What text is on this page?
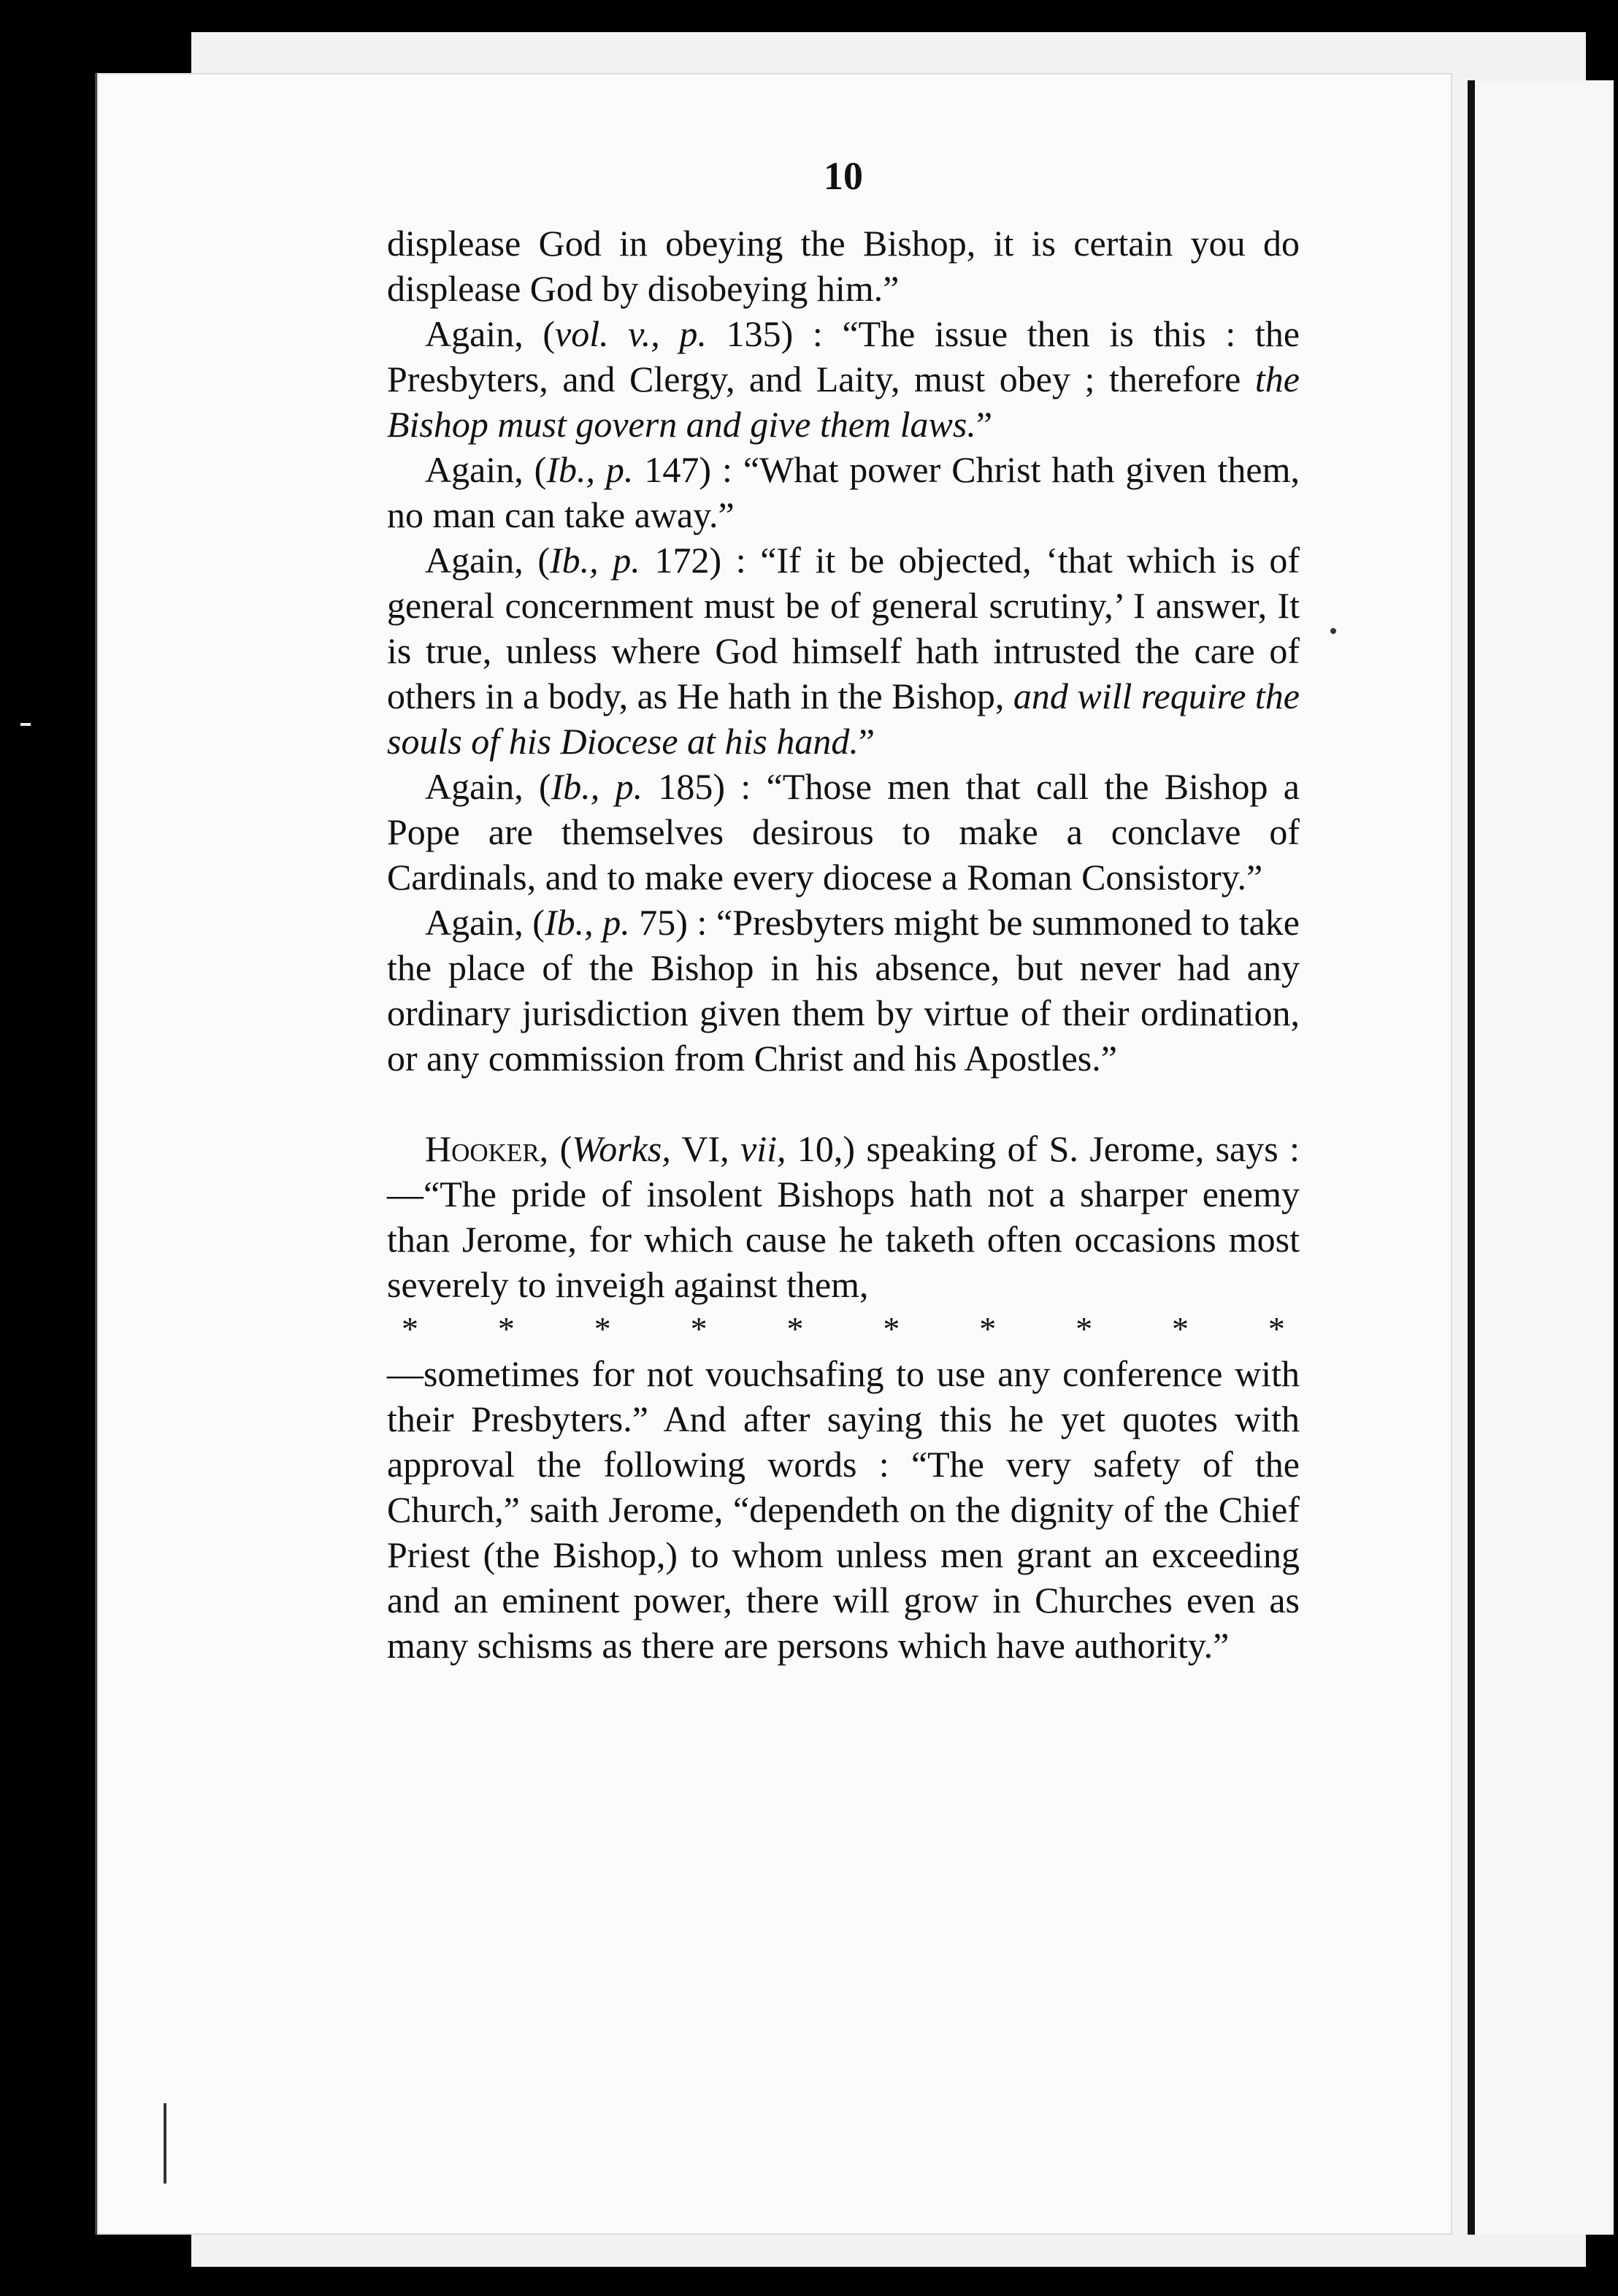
10

displease God in obeying the Bishop, it is certain you do displease God by disobeying him.”

Again, (vol. v., p. 135) : “The issue then is this : the Presbyters, and Clergy, and Laity, must obey ; therefore the Bishop must govern and give them laws.”

Again, (Ib., p. 147) : “What power Christ hath given them, no man can take away.”

Again, (Ib., p. 172) : “If it be objected, ‘that which is of general concernment must be of general scrutiny,’ I answer, It is true, unless where God himself hath intrusted the care of others in a body, as He hath in the Bishop, and will require the souls of his Diocese at his hand.”

Again, (Ib., p. 185) : “Those men that call the Bishop a Pope are themselves desirous to make a conclave of Cardinals, and to make every diocese a Roman Consistory.”

Again, (Ib., p. 75) : “Presbyters might be summoned to take the place of the Bishop in his absence, but never had any ordinary jurisdiction given them by virtue of their ordination, or any commission from Christ and his Apostles.”

Hooker, (Works, VI, vii, 10,) speaking of S. Jerome, says :—“The pride of insolent Bishops hath not a sharper enemy than Jerome, for which cause he taketh often occasions most severely to inveigh against them,

* * * * * * * * * *

—sometimes for not vouchsafing to use any conference with their Presbyters.” And after saying this he yet quotes with approval the following words : “The very safety of the Church,” saith Jerome, “dependeth on the dignity of the Chief Priest (the Bishop,) to whom unless men grant an exceeding and an eminent power, there will grow in Churches even as many schisms as there are persons which have authority.”
